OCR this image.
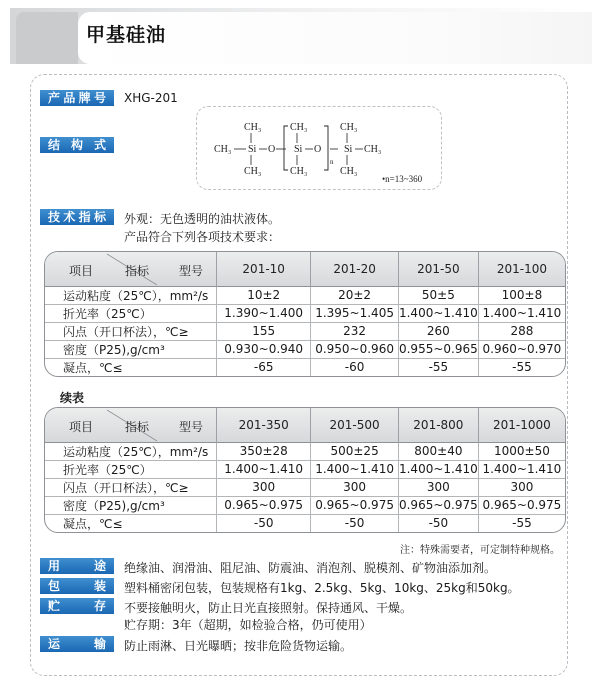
甲基硅油
产 品 牌 号 XHG-201
结 构 式
CH₃
CH₃
CH₃
Si O
CH₃
Si
CH₃
O
n
CH₃
Si
CH₃
CH₃
•n=13~360
技 术 指 标 外观：无色透明的油状液体。
产品符合下列各项技术要求：
项目 指标 型号	201-10	201-20	201-50	201-100
运动粘度（25℃），mm²/s	10±2	20±2	50±5	100±8
折光率（25℃）	1.390~1.400	1.395~1.405	1.400~1.410	1.400~1.410
闪点（开口杯法），℃≥	155	232	260	288
密度（P25),g/cm³	0.930~0.940	0.950~0.960	0.955~0.965	0.960~0.970
凝点，℃≤	-65	-60	-55	-55
续表
项目 指标 型号	201-350	201-500	201-800	201-1000
运动粘度（25℃），mm²/s	350±28	500±25	800±40	1000±50
折光率（25℃）	1.400~1.410	1.400~1.410	1.400~1.410	1.400~1.410
闪点（开口杯法），℃≥	300	300	300	300
密度（P25),g/cm³	0.965~0.975	0.965~0.975	0.965~0.975	0.965~0.975
凝点，℃≤	-50	-50	-50	-55
注：特殊需要者，可定制特种规格。
用	途 绝缘油、润滑油、阻尼油、防震油、消泡剂、脱模剂、矿物油添加剂。
包	装 塑料桶密闭包装，包装规格有1kg、2.5kg、5kg、10kg、25kg和50kg。
贮	存 不要接触明火，防止日光直接照射。保持通风、干燥。
贮存期：3年（超期，如检验合格，仍可使用）
运	输 防止雨淋、日光曝晒；按非危险货物运输。
